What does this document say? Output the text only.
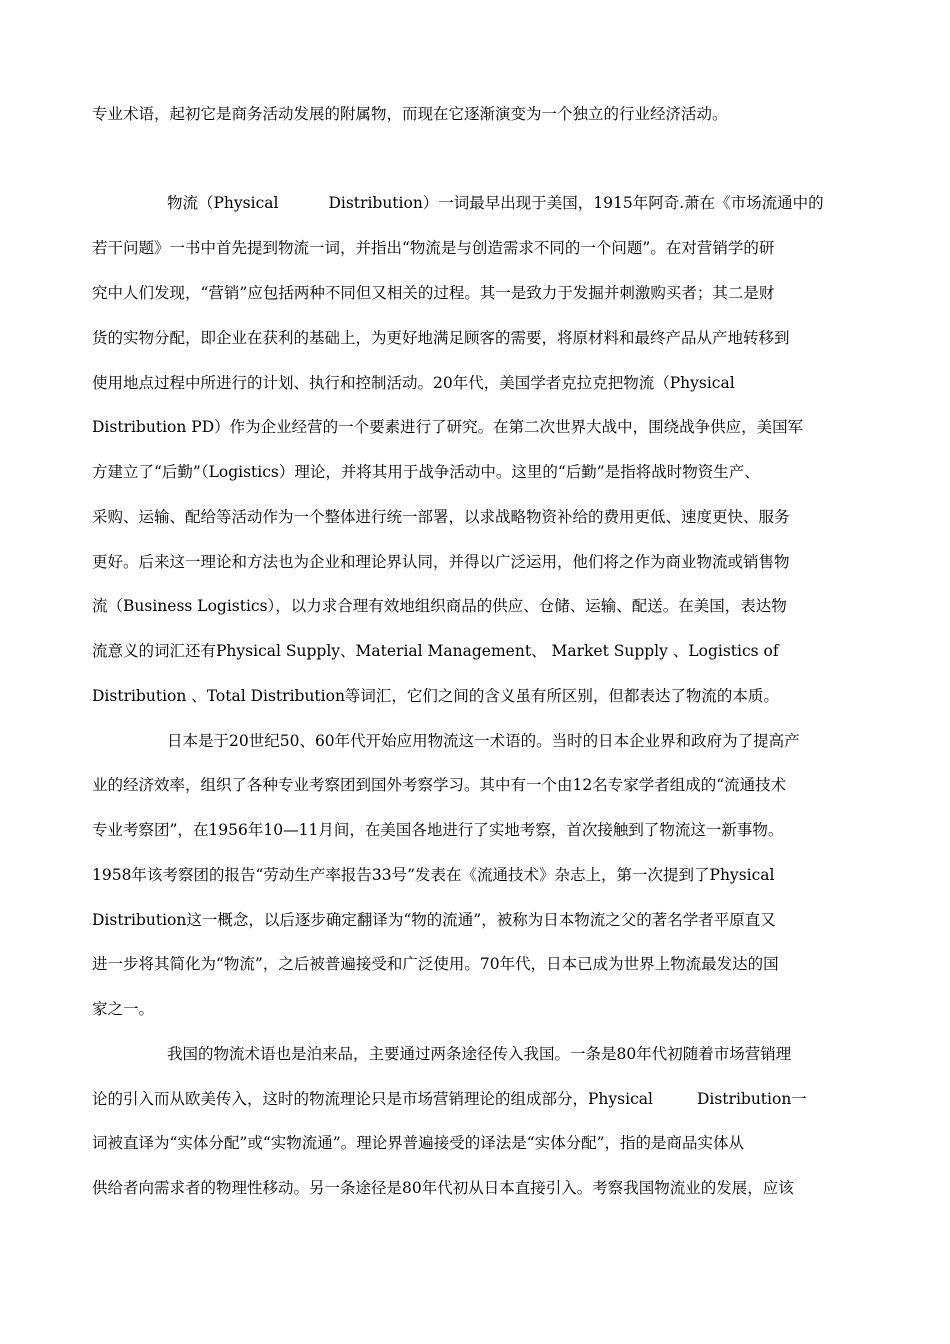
专业术语，起初它是商务活动发展的附属物，而现在它逐渐演变为一个独立的行业经济活动。
物流（Physical	Distribution）一词最早出现于美国，1915年阿奇.萧在《市场流通中的
若干问题》一书中首先提到物流一词，并指出“物流是与创造需求不同的一个问题”。在对营销学的研
究中人们发现，“营销”应包括两种不同但又相关的过程。其一是致力于发掘并刺激购买者；其二是财
货的实物分配，即企业在获利的基础上，为更好地满足顾客的需要，将原材料和最终产品从产地转移到
使用地点过程中所进行的计划、执行和控制活动。20年代，美国学者克拉克把物流（Physical
Distribution PD）作为企业经营的一个要素进行了研究。在第二次世界大战中，围绕战争供应，美国军
方建立了“后勤”（Logistics）理论，并将其用于战争活动中。这里的“后勤”是指将战时物资生产、
采购、运输、配给等活动作为一个整体进行统一部署，以求战略物资补给的费用更低、速度更快、服务
更好。后来这一理论和方法也为企业和理论界认同，并得以广泛运用，他们将之作为商业物流或销售物
流（Business Logistics），以力求合理有效地组织商品的供应、仓储、运输、配送。在美国，表达物
流意义的词汇还有Physical Supply、Material Management、 Market Supply 、Logistics of
Distribution 、Total Distribution等词汇，它们之间的含义虽有所区别，但都表达了物流的本质。
日本是于20世纪50、60年代开始应用物流这一术语的。当时的日本企业界和政府为了提高产
业的经济效率，组织了各种专业考察团到国外考察学习。其中有一个由12名专家学者组成的“流通技术
专业考察团”，在1956年10—11月间，在美国各地进行了实地考察，首次接触到了物流这一新事物。
1958年该考察团的报告“劳动生产率报告33号”发表在《流通技术》杂志上，第一次提到了Physical
Distribution这一概念，以后逐步确定翻译为“物的流通”，被称为日本物流之父的著名学者平原直又
进一步将其简化为“物流”，之后被普遍接受和广泛使用。70年代，日本已成为世界上物流最发达的国
家之一。
我国的物流术语也是泊来品，主要通过两条途径传入我国。一条是80年代初随着市场营销理
论的引入而从欧美传入，这时的物流理论只是市场营销理论的组成部分，Physical	Distribution一
词被直译为“实体分配”或“实物流通”。理论界普遍接受的译法是“实体分配”，指的是商品实体从
供给者向需求者的物理性移动。另一条途径是80年代初从日本直接引入。考察我国物流业的发展，应该
